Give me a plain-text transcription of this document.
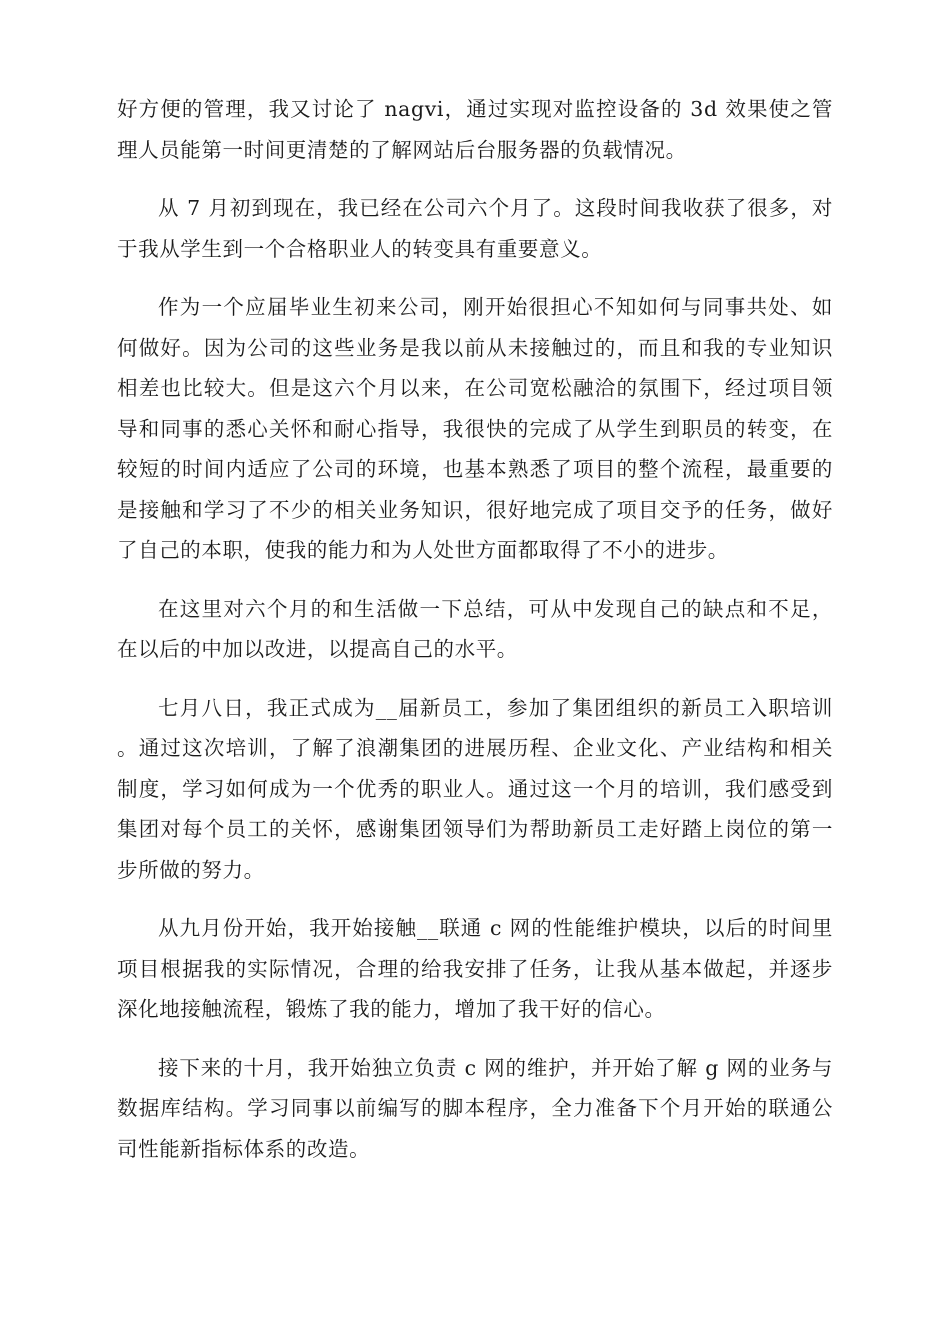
好方便的管理，我又讨论了 nagvi，通过实现对监控设备的 3d 效果使之管理人员能第一时间更清楚的了解网站后台服务器的负载情况。

从 7 月初到现在，我已经在公司六个月了。这段时间我收获了很多，对于我从学生到一个合格职业人的转变具有重要意义。

作为一个应届毕业生初来公司，刚开始很担心不知如何与同事共处、如何做好。因为公司的这些业务是我以前从未接触过的，而且和我的专业知识相差也比较大。但是这六个月以来，在公司宽松融洽的氛围下，经过项目领导和同事的悉心关怀和耐心指导，我很快的完成了从学生到职员的转变，在较短的时间内适应了公司的环境，也基本熟悉了项目的整个流程，最重要的是接触和学习了不少的相关业务知识，很好地完成了项目交予的任务，做好了自己的本职，使我的能力和为人处世方面都取得了不小的进步。

在这里对六个月的和生活做一下总结，可从中发现自己的缺点和不足，在以后的中加以改进，以提高自己的水平。

七月八日，我正式成为__届新员工，参加了集团组织的新员工入职培训。通过这次培训，了解了浪潮集团的进展历程、企业文化、产业结构和相关制度，学习如何成为一个优秀的职业人。通过这一个月的培训，我们感受到集团对每个员工的关怀，感谢集团领导们为帮助新员工走好踏上岗位的第一步所做的努力。

从九月份开始，我开始接触__联通 c 网的性能维护模块，以后的时间里项目根据我的实际情况，合理的给我安排了任务，让我从基本做起，并逐步深化地接触流程，锻炼了我的能力，增加了我干好的信心。

接下来的十月，我开始独立负责 c 网的维护，并开始了解 g 网的业务与数据库结构。学习同事以前编写的脚本程序，全力准备下个月开始的联通公司性能新指标体系的改造。
